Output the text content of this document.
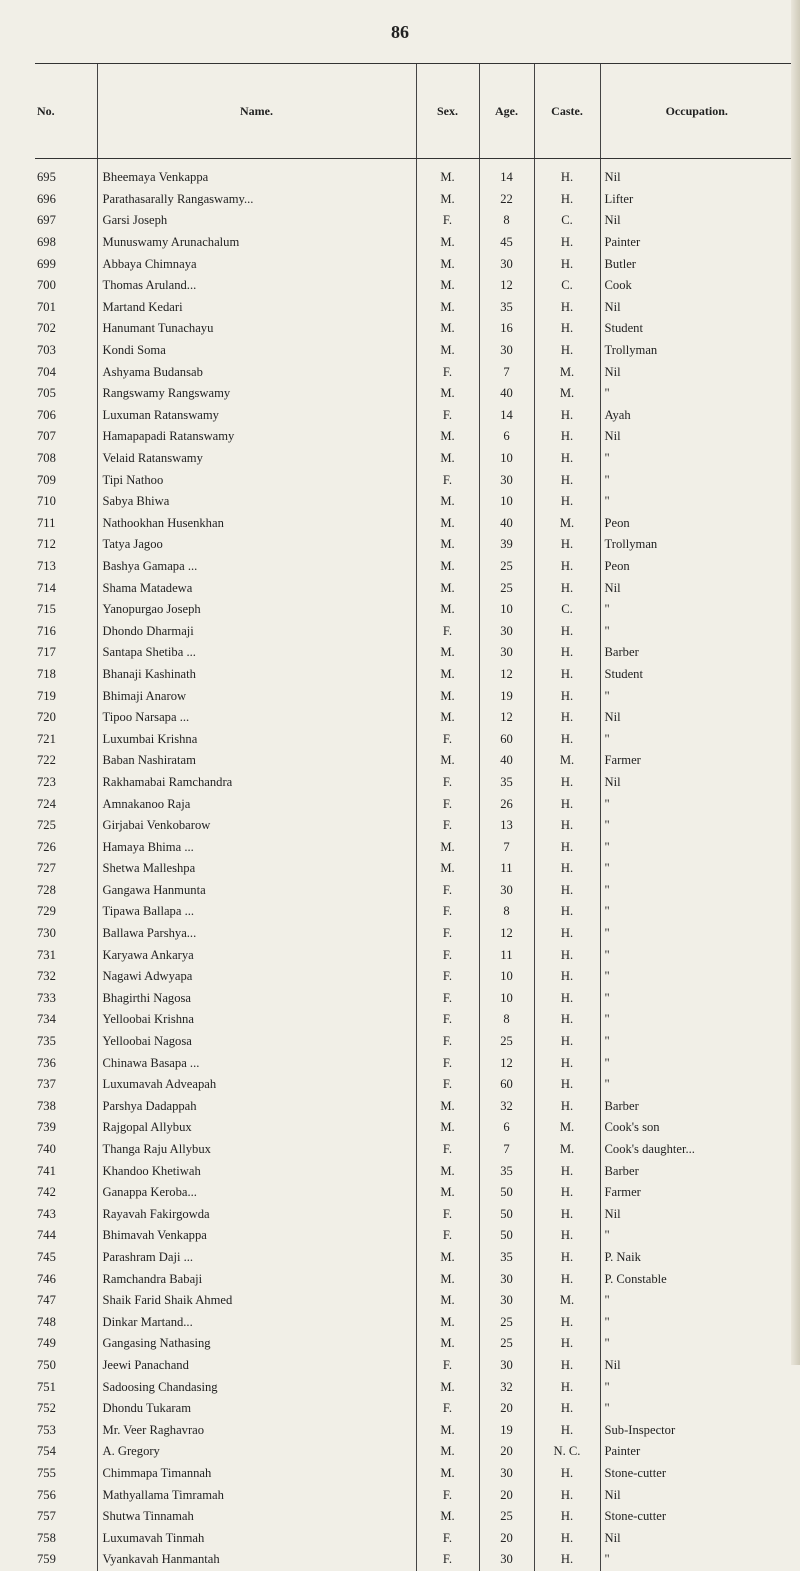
86
No.	Name.	Sex.	Age.	Caste.	Occupation.
695	Bheemaya Venkappa	M.	14	H.	Nil
696	Parathasarally Rangaswamy...	M.	22	H.	Lifter
697	Garsi Joseph	F.	8	C.	Nil
698	Munuswamy Arunachalum	M.	45	H.	Painter
699	Abbaya Chimnaya	M.	30	H.	Butler
700	Thomas Aruland...	M.	12	C.	Cook
701	Martand Kedari	M.	35	H.	Nil
702	Hanumant Tunachayu	M.	16	H.	Student
703	Kondi Soma	M.	30	H.	Trollyman
704	Ashyama Budansab	F.	7	M.	Nil
705	Rangswamy Rangswamy	M.	40	M.	"
706	Luxuman Ratanswamy	F.	14	H.	Ayah
707	Hamapapadi Ratanswamy	M.	6	H.	Nil
708	Velaid Ratanswamy	M.	10	H.	"
709	Tipi Nathoo	F.	30	H.	"
710	Sabya Bhiwa	M.	10	H.	"
711	Nathookhan Husenkhan	M.	40	M.	Peon
712	Tatya Jagoo	M.	39	H.	Trollyman
713	Bashya Gamapa ...	M.	25	H.	Peon
714	Shama Matadewa	M.	25	H.	Nil
715	Yanopurgao Joseph	M.	10	C.	"
716	Dhondo Dharmaji	F.	30	H.	"
717	Santapa Shetiba ...	M.	30	H.	Barber
718	Bhanaji Kashinath	M.	12	H.	Student
719	Bhimaji Anarow	M.	19	H.	"
720	Tipoo Narsapa ...	M.	12	H.	Nil
721	Luxumbai Krishna	F.	60	H.	"
722	Baban Nashiratam	M.	40	M.	Farmer
723	Rakhamabai Ramchandra	F.	35	H.	Nil
724	Amnakanoo Raja	F.	26	H.	"
725	Girjabai Venkobarow	F.	13	H.	"
726	Hamaya Bhima ...	M.	7	H.	"
727	Shetwa Malleshpa	M.	11	H.	"
728	Gangawa Hanmunta	F.	30	H.	"
729	Tipawa Ballapa ...	F.	8	H.	"
730	Ballawa Parshya...	F.	12	H.	"
731	Karyawa Ankarya	F.	11	H.	"
732	Nagawi Adwyapa	F.	10	H.	"
733	Bhagirthi Nagosa	F.	10	H.	"
734	Yelloobai Krishna	F.	8	H.	"
735	Yelloobai Nagosa	F.	25	H.	"
736	Chinawa Basapa ...	F.	12	H.	"
737	Luxumavah Adveapah	F.	60	H.	"
738	Parshya Dadappah	M.	32	H.	Barber
739	Rajgopal Allybux	M.	6	M.	Cook's son
740	Thanga Raju Allybux	F.	7	M.	Cook's daughter...
741	Khandoo Khetiwah	M.	35	H.	Barber
742	Ganappa Keroba...	M.	50	H.	Farmer
743	Rayavah Fakirgowda	F.	50	H.	Nil
744	Bhimavah Venkappa	F.	50	H.	"
745	Parashram Daji ...	M.	35	H.	P. Naik
746	Ramchandra Babaji	M.	30	H.	P. Constable
747	Shaik Farid Shaik Ahmed	M.	30	M.	"
748	Dinkar Martand...	M.	25	H.	"
749	Gangasing Nathasing	M.	25	H.	"
750	Jeewi Panachand	F.	30	H.	Nil
751	Sadoosing Chandasing	M.	32	H.	"
752	Dhondu Tukaram	F.	20	H.	"
753	Mr. Veer Raghavrao	M.	19	H.	Sub-Inspector
754	A. Gregory	M.	20	N. C.	Painter
755	Chimmapa Timannah	M.	30	H.	Stone-cutter
756	Mathyallama Timramah	F.	20	H.	Nil
757	Shutwa Tinnamah	M.	25	H.	Stone-cutter
758	Luxumavah Tinmah	F.	20	H.	Nil
759	Vyankavah Hanmantah	F.	30	H.	"
